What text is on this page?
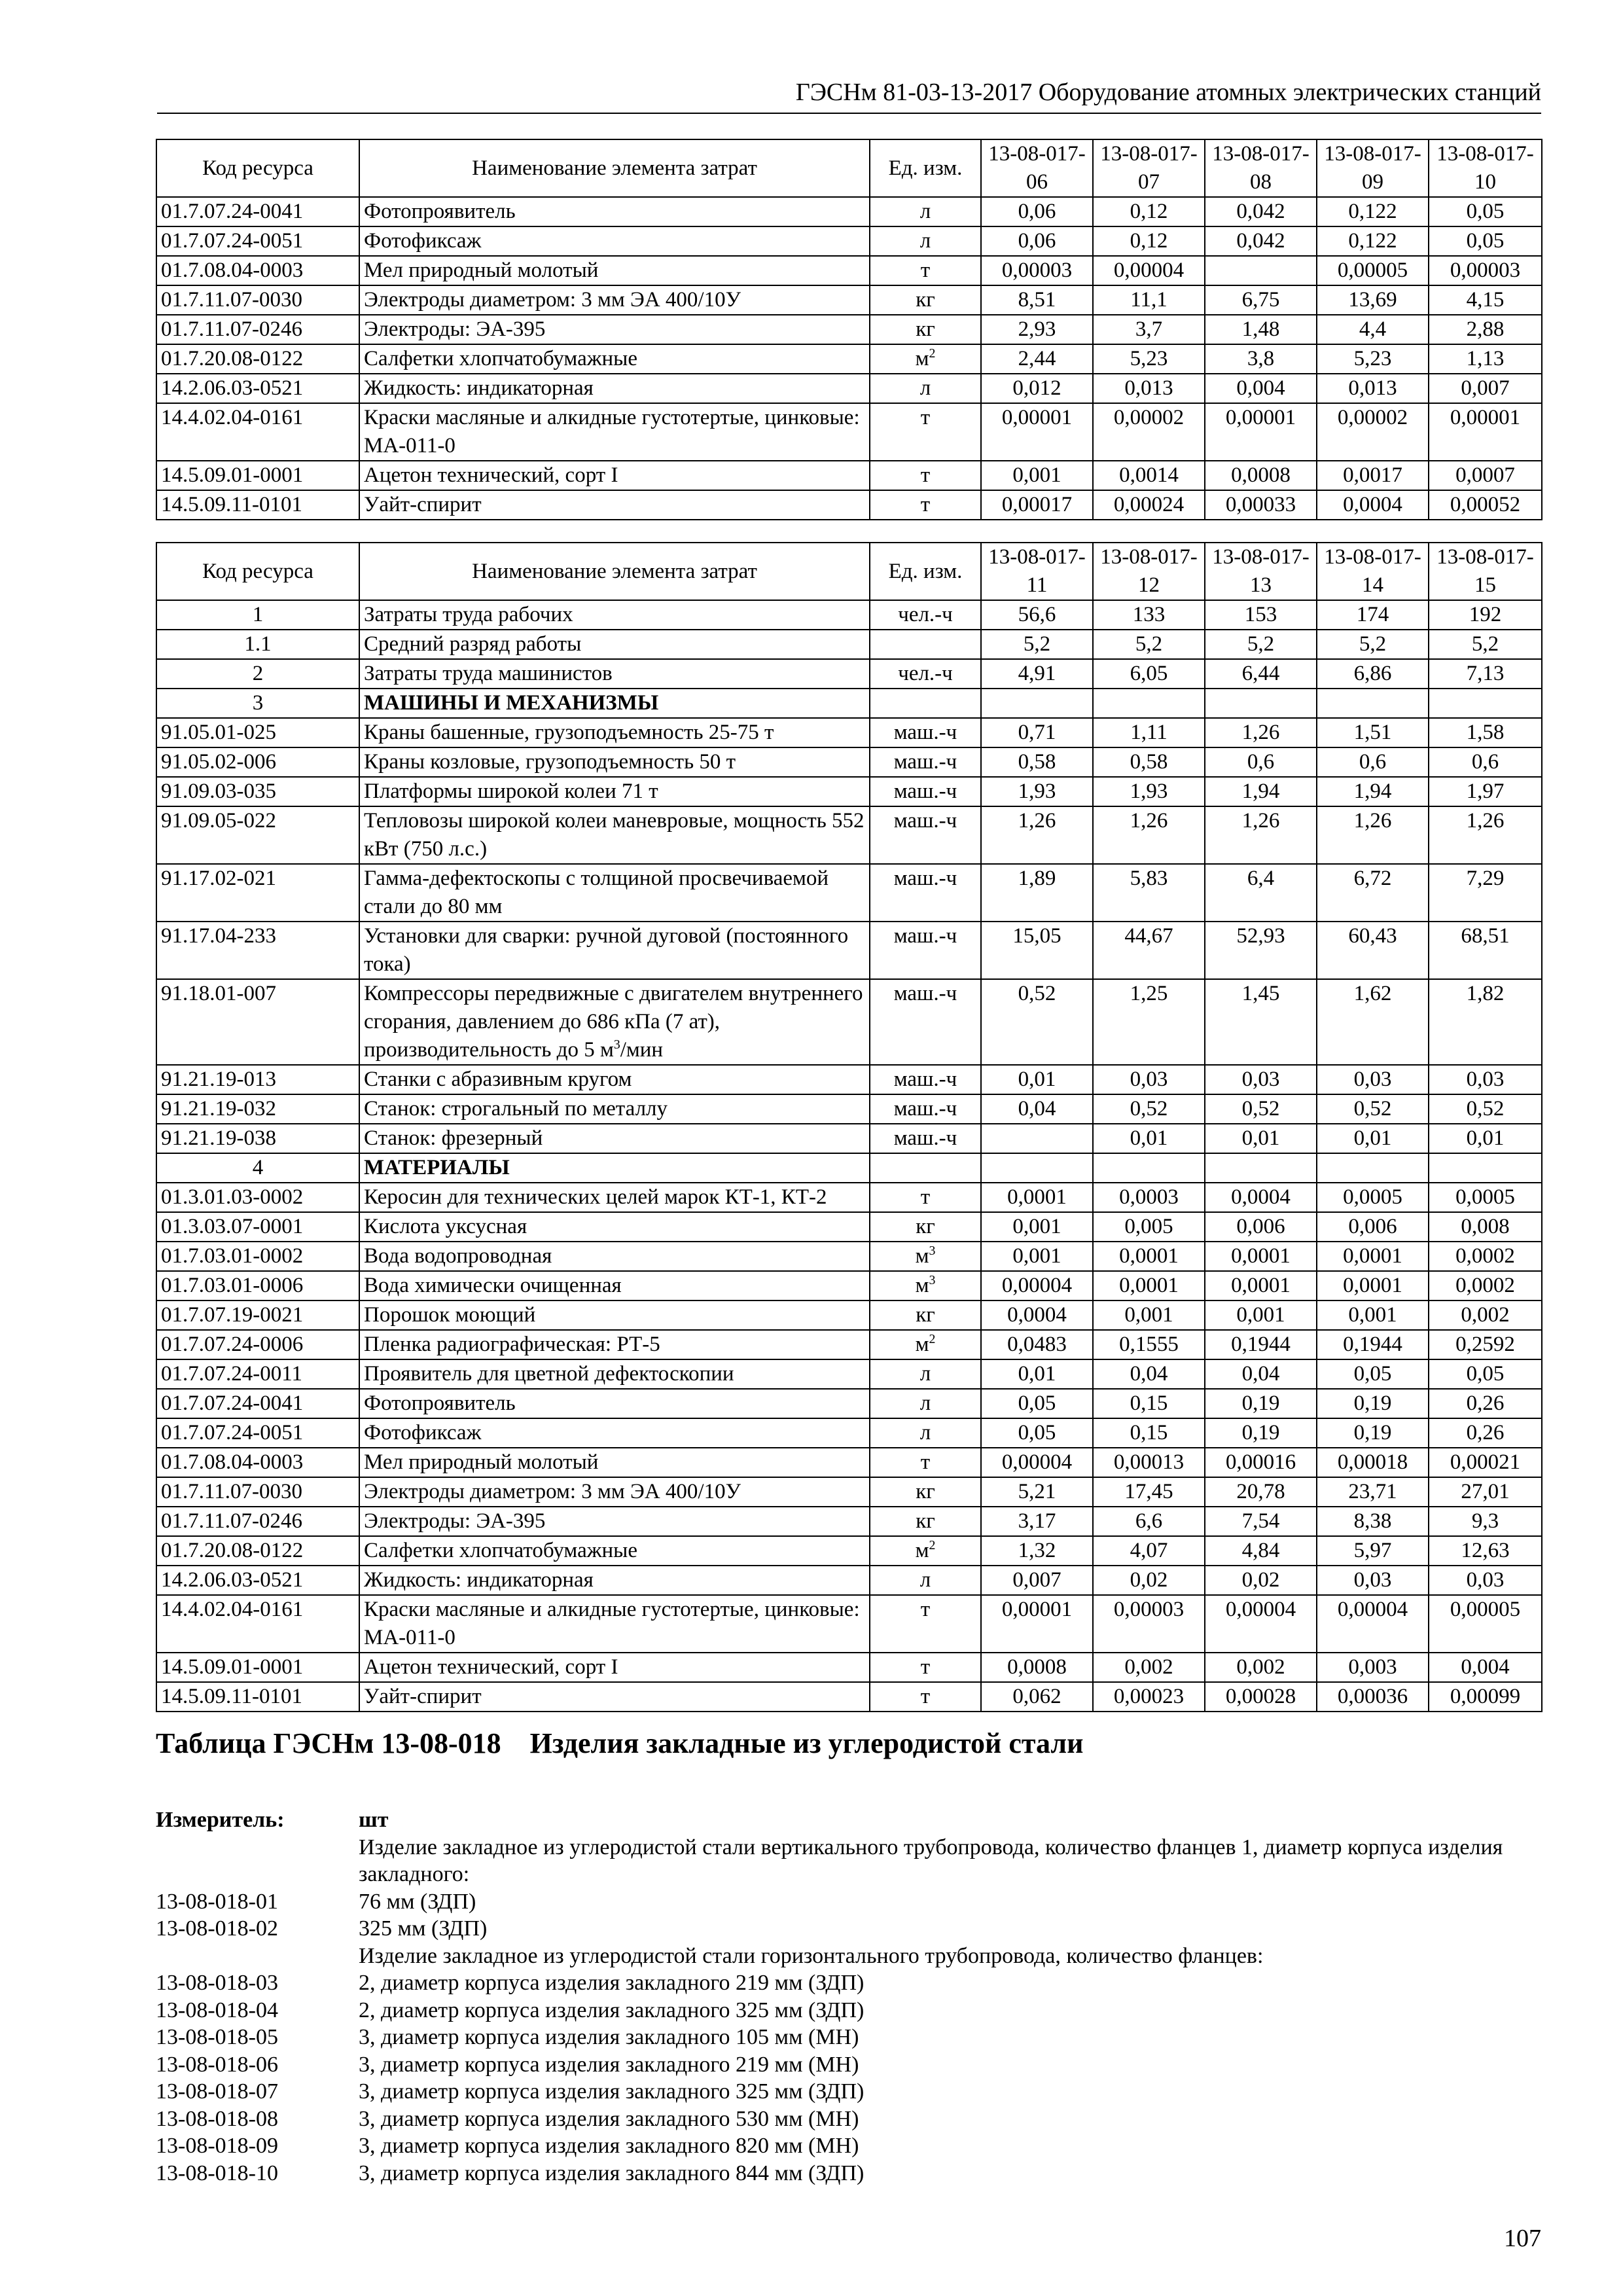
ГЭСНм 81-03-13-2017 Оборудование атомных электрических станций
Код ресурса	Наименование элемента затрат	Ед. изм.	13-08-017-06	13-08-017-07	13-08-017-08	13-08-017-09	13-08-017-10
01.7.07.24-0041	Фотопроявитель	л	0,06	0,12	0,042	0,122	0,05
01.7.07.24-0051	Фотофиксаж	л	0,06	0,12	0,042	0,122	0,05
01.7.08.04-0003	Мел природный молотый	т	0,00003	0,00004		0,00005	0,00003
01.7.11.07-0030	Электроды диаметром: 3 мм ЭА 400/10У	кг	8,51	11,1	6,75	13,69	4,15
01.7.11.07-0246	Электроды: ЭА-395	кг	2,93	3,7	1,48	4,4	2,88
01.7.20.08-0122	Салфетки хлопчатобумажные	$м^2$	2,44	5,23	3,8	5,23	1,13
14.2.06.03-0521	Жидкость: индикаторная	л	0,012	0,013	0,004	0,013	0,007
14.4.02.04-0161	Краски масляные и алкидные густотертые, цинковые: МА-011-0	т	0,00001	0,00002	0,00001	0,00002	0,00001
14.5.09.01-0001	Ацетон технический, сорт I	т	0,001	0,0014	0,0008	0,0017	0,0007
14.5.09.11-0101	Уайт-спирит	т	0,00017	0,00024	0,00033	0,0004	0,00052
Код ресурса	Наименование элемента затрат	Ед. изм.	13-08-017-11	13-08-017-12	13-08-017-13	13-08-017-14	13-08-017-15
1	Затраты труда рабочих	чел.-ч	56,6	133	153	174	192
1.1	Средний разряд работы		5,2	5,2	5,2	5,2	5,2
2	Затраты труда машинистов	чел.-ч	4,91	6,05	6,44	6,86	7,13
3	МАШИНЫ И МЕХАНИЗМЫ						
91.05.01-025	Краны башенные, грузоподъемность 25-75 т	маш.-ч	0,71	1,11	1,26	1,51	1,58
91.05.02-006	Краны козловые, грузоподъемность 50 т	маш.-ч	0,58	0,58	0,6	0,6	0,6
91.09.03-035	Платформы широкой колеи 71 т	маш.-ч	1,93	1,93	1,94	1,94	1,97
91.09.05-022	Тепловозы широкой колеи маневровые, мощность 552 кВт (750 л.с.)	маш.-ч	1,26	1,26	1,26	1,26	1,26
91.17.02-021	Гамма-дефектоскопы с толщиной просвечиваемой стали до 80 мм	маш.-ч	1,89	5,83	6,4	6,72	7,29
91.17.04-233	Установки для сварки: ручной дуговой (постоянного тока)	маш.-ч	15,05	44,67	52,93	60,43	68,51
91.18.01-007	Компрессоры передвижные с двигателем внутреннего сгорания, давлением до 686 кПа (7 ат), производительность до 5 $м^3$/мин	маш.-ч	0,52	1,25	1,45	1,62	1,82
91.21.19-013	Станки с абразивным кругом	маш.-ч	0,01	0,03	0,03	0,03	0,03
91.21.19-032	Станок: строгальный по металлу	маш.-ч	0,04	0,52	0,52	0,52	0,52
91.21.19-038	Станок: фрезерный	маш.-ч		0,01	0,01	0,01	0,01
4	МАТЕРИАЛЫ						
01.3.01.03-0002	Керосин для технических целей марок КТ-1, КТ-2	т	0,0001	0,0003	0,0004	0,0005	0,0005
01.3.03.07-0001	Кислота уксусная	кг	0,001	0,005	0,006	0,006	0,008
01.7.03.01-0002	Вода водопроводная	$м^3$	0,001	0,0001	0,0001	0,0001	0,0002
01.7.03.01-0006	Вода химически очищенная	$м^3$	0,00004	0,0001	0,0001	0,0001	0,0002
01.7.07.19-0021	Порошок моющий	кг	0,0004	0,001	0,001	0,001	0,002
01.7.07.24-0006	Пленка радиографическая: РТ-5	$м^2$	0,0483	0,1555	0,1944	0,1944	0,2592
01.7.07.24-0011	Проявитель для цветной дефектоскопии	л	0,01	0,04	0,04	0,05	0,05
01.7.07.24-0041	Фотопроявитель	л	0,05	0,15	0,19	0,19	0,26
01.7.07.24-0051	Фотофиксаж	л	0,05	0,15	0,19	0,19	0,26
01.7.08.04-0003	Мел природный молотый	т	0,00004	0,00013	0,00016	0,00018	0,00021
01.7.11.07-0030	Электроды диаметром: 3 мм ЭА 400/10У	кг	5,21	17,45	20,78	23,71	27,01
01.7.11.07-0246	Электроды: ЭА-395	кг	3,17	6,6	7,54	8,38	9,3
01.7.20.08-0122	Салфетки хлопчатобумажные	$м^2$	1,32	4,07	4,84	5,97	12,63
14.2.06.03-0521	Жидкость: индикаторная	л	0,007	0,02	0,02	0,03	0,03
14.4.02.04-0161	Краски масляные и алкидные густотертые, цинковые: МА-011-0	т	0,00001	0,00003	0,00004	0,00004	0,00005
14.5.09.01-0001	Ацетон технический, сорт I	т	0,0008	0,002	0,002	0,003	0,004
14.5.09.11-0101	Уайт-спирит	т	0,062	0,00023	0,00028	0,00036	0,00099
Таблица ГЭСНм 13-08-018    Изделия закладные из углеродистой стали
Измеритель:	шт
Изделие закладное из углеродистой стали вертикального трубопровода, количество фланцев 1, диаметр корпуса изделия закладного:
13-08-018-01	76 мм (ЗДП)
13-08-018-02	325 мм (ЗДП)
Изделие закладное из углеродистой стали горизонтального трубопровода, количество фланцев:
13-08-018-03	2, диаметр корпуса изделия закладного 219 мм (ЗДП)
13-08-018-04	2, диаметр корпуса изделия закладного 325 мм (ЗДП)
13-08-018-05	3, диаметр корпуса изделия закладного 105 мм (МН)
13-08-018-06	3, диаметр корпуса изделия закладного 219 мм (МН)
13-08-018-07	3, диаметр корпуса изделия закладного 325 мм (ЗДП)
13-08-018-08	3, диаметр корпуса изделия закладного 530 мм (МН)
13-08-018-09	3, диаметр корпуса изделия закладного 820 мм (МН)
13-08-018-10	3, диаметр корпуса изделия закладного 844 мм (ЗДП)
107
